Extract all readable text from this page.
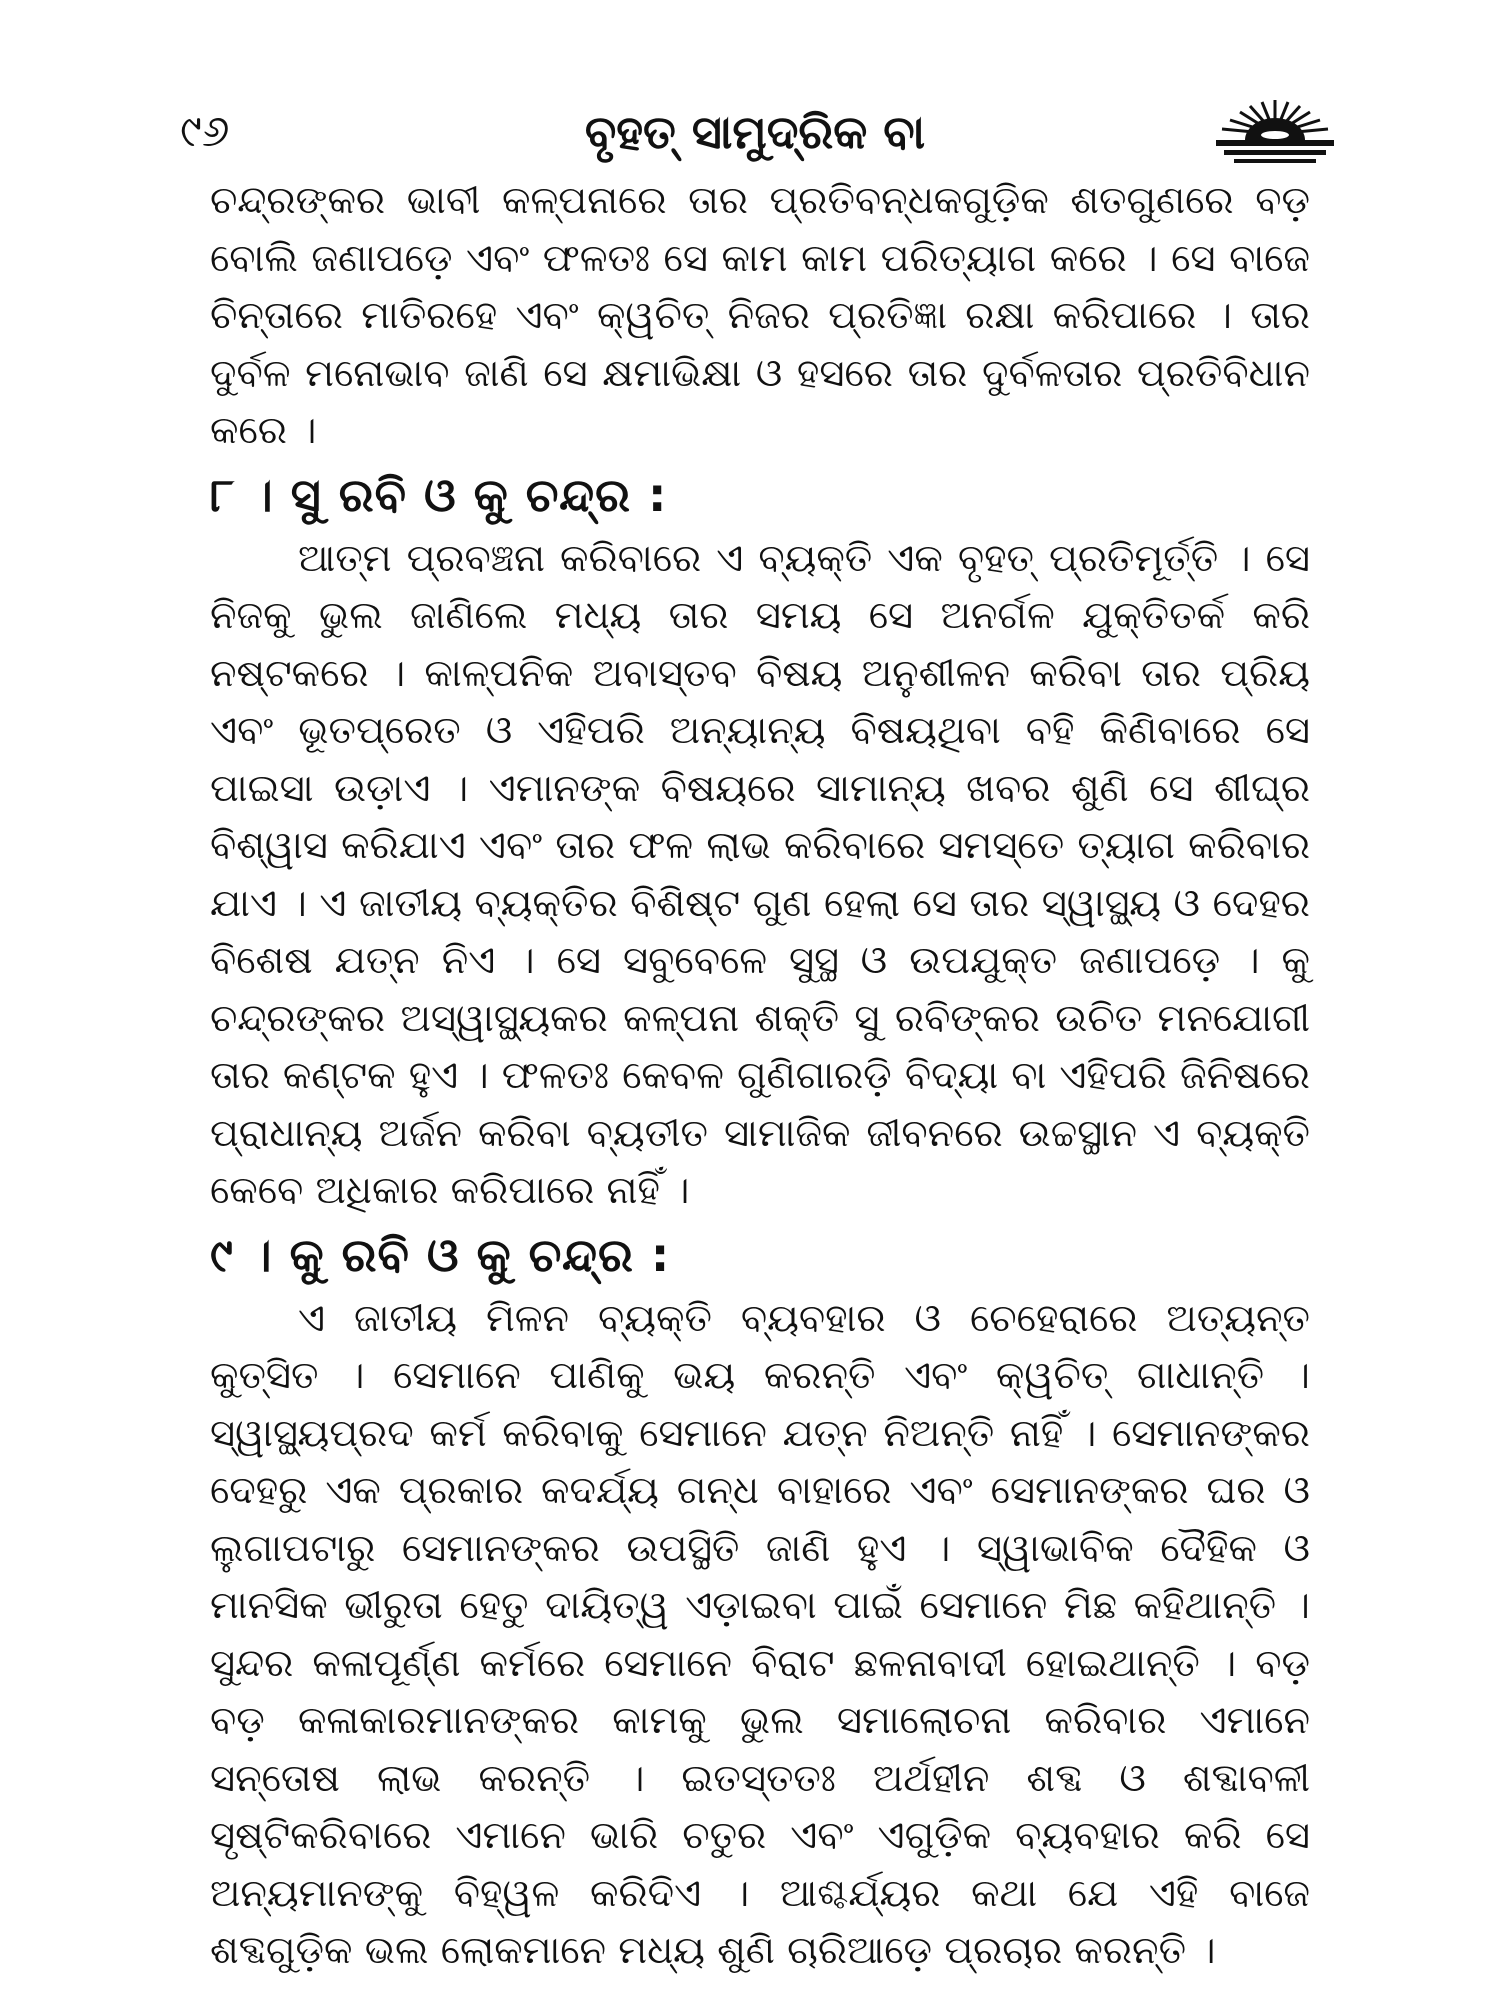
୯୬	ବୃହତ୍ ସାମୁଦ୍ରିକ ବା

ଚନ୍ଦ୍ରଙ୍କର ଭାବୀ କଳ୍ପନାରେ ତାର ପ୍ରତିବନ୍ଧକଗୁଡ଼ିକ ଶତଗୁଣରେ ବଡ଼ ବୋଲି ଜଣାପଡ଼େ ଏବଂ ଫଳତଃ ସେ କାମ କାମ ପରିତ୍ୟାଗ କରେ । ସେ ବାଜେ ଚିନ୍ତାରେ ମାତିରହେ ଏବଂ କ୍ୱଚିତ୍ ନିଜର ପ୍ରତିଜ୍ଞା ରକ୍ଷା କରିପାରେ । ତାର ଦୁର୍ବଳ ମନୋଭାବ ଜାଣି ସେ କ୍ଷମାଭିକ୍ଷା ଓ ହସରେ ତାର ଦୁର୍ବଳତାର ପ୍ରତିବିଧାନ କରେ ।

୮ । ସୁ ରବି ଓ କୁ ଚନ୍ଦ୍ର :

ଆତ୍ମ ପ୍ରବଞ୍ଚନା କରିବାରେ ଏ ବ୍ୟକ୍ତି ଏକ ବୃହତ୍ ପ୍ରତିମୂର୍ତ୍ତି । ସେ ନିଜକୁ ଭୁଲ ଜାଣିଲେ ମଧ୍ୟ ତାର ସମୟ ସେ ଅନର୍ଗଳ ଯୁକ୍ତିତର୍କ କରି ନଷ୍ଟକରେ । କାଳ୍ପନିକ ଅବାସ୍ତବ ବିଷୟ ଅନୁଶୀଳନ କରିବା ତାର ପ୍ରିୟ ଏବଂ ଭୂତପ୍ରେତ ଓ ଏହିପରି ଅନ୍ୟାନ୍ୟ ବିଷୟଥିବା ବହି କିଣିବାରେ ସେ ପାଇସା ଉଡ଼ାଏ । ଏମାନଙ୍କ ବିଷୟରେ ସାମାନ୍ୟ ଖବର ଶୁଣି ସେ ଶୀଘ୍ର ବିଶ୍ୱାସ କରିଯାଏ ଏବଂ ତାର ଫଳ ଲାଭ କରିବାରେ ସମସ୍ତେ ତ୍ୟାଗ କରିବାର ଯାଏ । ଏ ଜାତୀୟ ବ୍ୟକ୍ତିର ବିଶିଷ୍ଟ ଗୁଣ ହେଲା ସେ ତାର ସ୍ୱାସ୍ଥ୍ୟ ଓ ଦେହର ବିଶେଷ ଯତ୍ନ ନିଏ । ସେ ସବୁବେଳେ ସୁସ୍ଥ ଓ ଉପଯୁକ୍ତ ଜଣାପଡ଼େ । କୁ ଚନ୍ଦ୍ରଙ୍କର ଅସ୍ୱାସ୍ଥ୍ୟକର କଳ୍ପନା ଶକ୍ତି ସୁ ରବିଙ୍କର ଉଚିତ ମନଯୋଗୀ ତାର କଣ୍ଟକ ହୁଏ । ଫଳତଃ କେବଳ ଗୁଣିଗାରଡ଼ି ବିଦ୍ୟା ବା ଏହିପରି ଜିନିଷରେ ପ୍ରାଧାନ୍ୟ ଅର୍ଜନ କରିବା ବ୍ୟତୀତ ସାମାଜିକ ଜୀବନରେ ଉଚ୍ଚସ୍ଥାନ ଏ ବ୍ୟକ୍ତି କେବେ ଅଧିକାର କରିପାରେ ନାହିଁ ।

୯ । କୁ ରବି ଓ କୁ ଚନ୍ଦ୍ର :

ଏ ଜାତୀୟ ମିଳନ ବ୍ୟକ୍ତି ବ୍ୟବହାର ଓ ଚେହେରାରେ ଅତ୍ୟନ୍ତ କୁତ୍ସିତ । ସେମାନେ ପାଣିକୁ ଭୟ କରନ୍ତି ଏବଂ କ୍ୱଚିତ୍ ଗାଧାନ୍ତି । ସ୍ୱାସ୍ଥ୍ୟପ୍ରଦ କର୍ମ କରିବାକୁ ସେମାନେ ଯତ୍ନ ନିଅନ୍ତି ନାହିଁ । ସେମାନଙ୍କର ଦେହରୁ ଏକ ପ୍ରକାର କଦର୍ଯ୍ୟ ଗନ୍ଧ ବାହାରେ ଏବଂ ସେମାନଙ୍କର ଘର ଓ ଲୁଗାପଟାରୁ ସେମାନଙ୍କର ଉପସ୍ଥିତି ଜାଣି ହୁଏ । ସ୍ୱାଭାବିକ ଦୈହିକ ଓ ମାନସିକ ଭୀରୁତା ହେତୁ ଦାୟିତ୍ୱ ଏଡ଼ାଇବା ପାଇଁ ସେମାନେ ମିଛ କହିଥାନ୍ତି । ସୁନ୍ଦର କଳାପୂର୍ଣ୍ଣ କର୍ମରେ ସେମାନେ ବିରାଟ ଛଳନାବାଦୀ ହୋଇଥାନ୍ତି । ବଡ଼ ବଡ଼ କଳାକାରମାନଙ୍କର କାମକୁ ଭୁଲ ସମାଲୋଚନା କରିବାର ଏମାନେ ସନ୍ତୋଷ ଲାଭ କରନ୍ତି । ଇତସ୍ତତଃ ଅର୍ଥହୀନ ଶବ୍ଦ ଓ ଶବ୍ଦାବଳୀ ସୃଷ୍ଟିକରିବାରେ ଏମାନେ ଭାରି ଚତୁର ଏବଂ ଏଗୁଡ଼ିକ ବ୍ୟବହାର କରି ସେ ଅନ୍ୟମାନଙ୍କୁ ବିହ୍ୱଳ କରିଦିଏ । ଆଶ୍ଚର୍ଯ୍ୟର କଥା ଯେ ଏହି ବାଜେ ଶବ୍ଦଗୁଡ଼ିକ ଭଲ ଲୋକମାନେ ମଧ୍ୟ ଶୁଣି ଚାରିଆଡ଼େ ପ୍ରଚାର କରନ୍ତି ।
